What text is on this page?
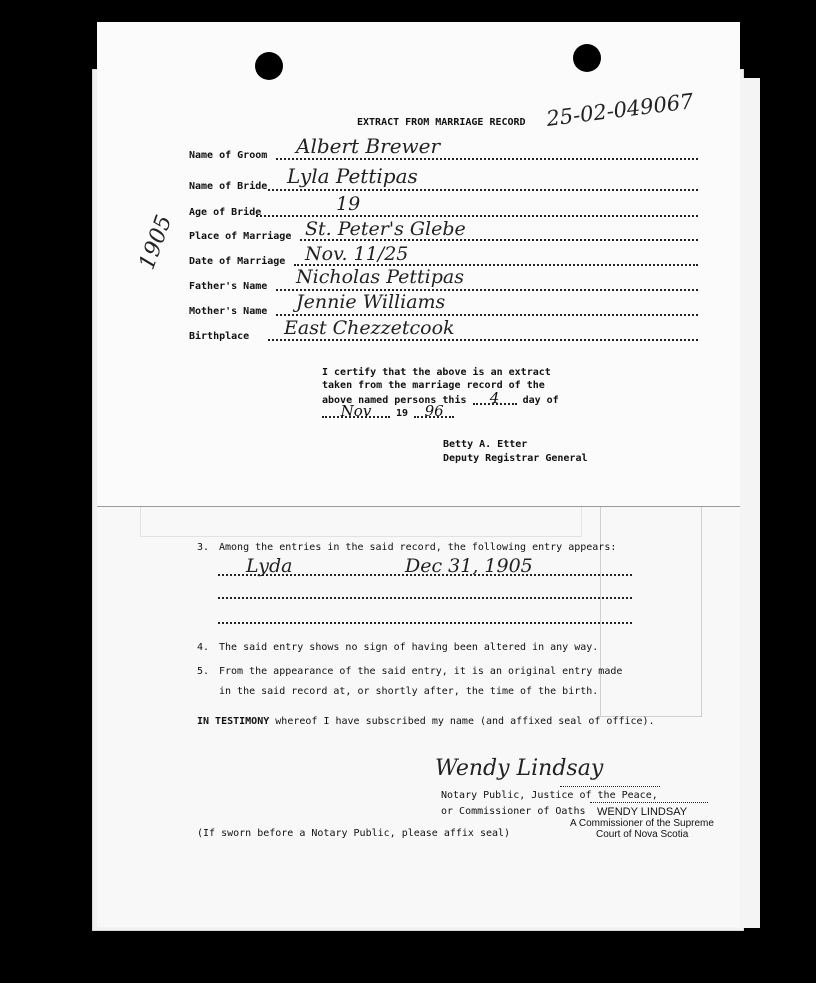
3. Among the entries in the said record, the following entry appears:
Lyda	Dec 31, 1905
4. The said entry shows no sign of having been altered in any way.
5. From the appearance of the said entry, it is an original entry made
in the said record at, or shortly after, the time of the birth.
IN TESTIMONY whereof I have subscribed my name (and affixed seal of office).
Wendy Lindsay
Notary Public, Justice of the Peace,
or Commissioner of Oaths WENDY LINDSAY
A Commissioner of the Supreme
Court of Nova Scotia
(If sworn before a Notary Public, please affix seal)
25-02-049067
1905
EXTRACT FROM MARRIAGE RECORD
Name of Groom Albert Brewer
Name of Bride Lyla Pettipas
Age of Bride	19
Place of Marriage St. Peter's Glebe
Date of Marriage Nov. 11/25
Father's Name Nicholas Pettipas
Mother's Name Jennie Williams
Birthplace East Chezzetcook
I certify that the above is an extract
taken from the marriage record of the
above named persons this 4 day of
Nov 19 96
Betty A. Etter
Deputy Registrar General
